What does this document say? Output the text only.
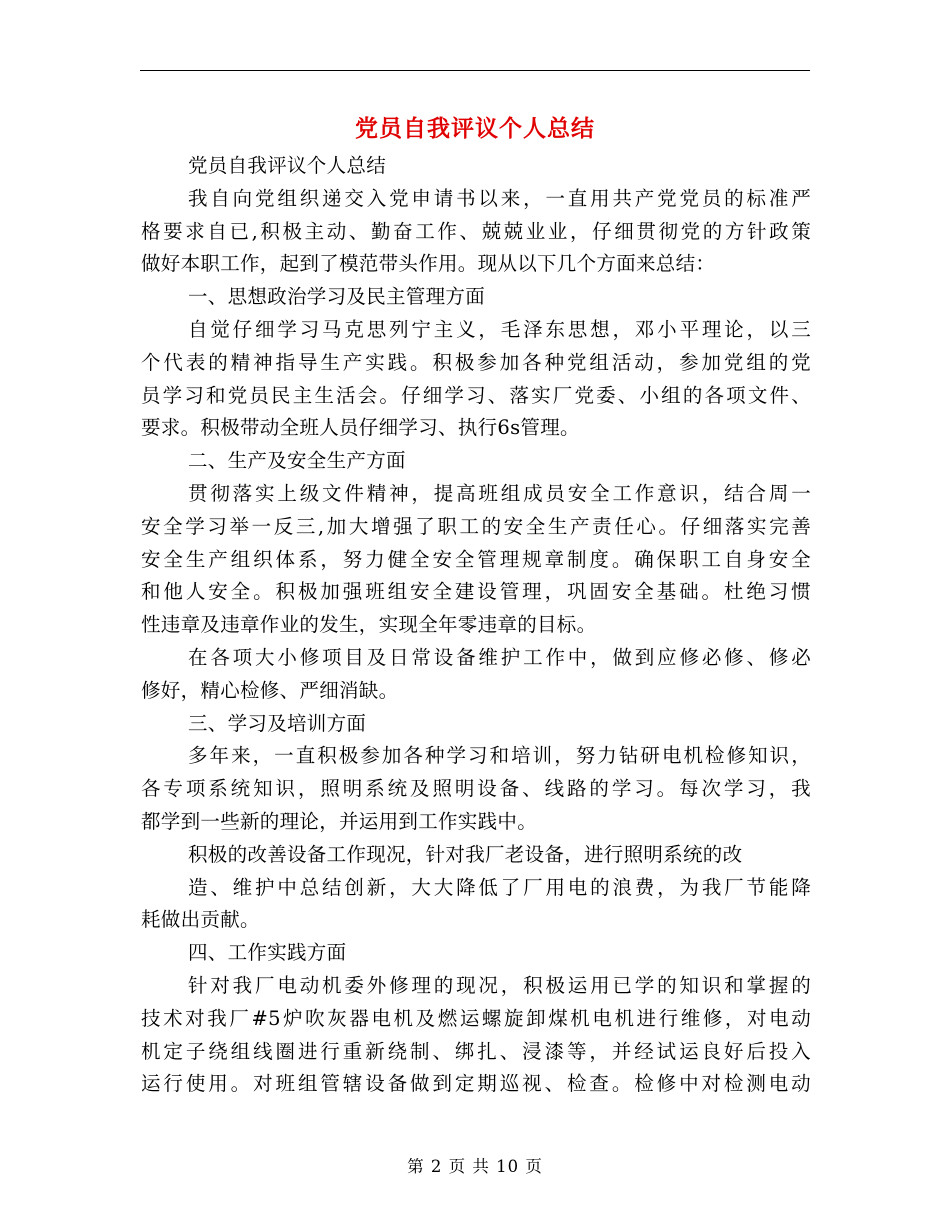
党员自我评议个人总结
党员自我评议个人总结
我自向党组织递交入党申请书以来，一直用共产党党员的标准严
格要求自已,积极主动、勤奋工作、兢兢业业，仔细贯彻党的方针政策
做好本职工作，起到了模范带头作用。现从以下几个方面来总结：
一、思想政治学习及民主管理方面
自觉仔细学习马克思列宁主义，毛泽东思想，邓小平理论，以三
个代表的精神指导生产实践。积极参加各种党组活动，参加党组的党
员学习和党员民主生活会。仔细学习、落实厂党委、小组的各项文件、
要求。积极带动全班人员仔细学习、执行6s管理。
二、生产及安全生产方面
贯彻落实上级文件精神，提高班组成员安全工作意识，结合周一
安全学习举一反三,加大增强了职工的安全生产责任心。仔细落实完善
安全生产组织体系，努力健全安全管理规章制度。确保职工自身安全
和他人安全。积极加强班组安全建设管理，巩固安全基础。杜绝习惯
性违章及违章作业的发生，实现全年零违章的目标。
在各项大小修项目及日常设备维护工作中，做到应修必修、修必
修好，精心检修、严细消缺。
三、学习及培训方面
多年来，一直积极参加各种学习和培训，努力钻研电机检修知识，
各专项系统知识，照明系统及照明设备、线路的学习。每次学习，我
都学到一些新的理论，并运用到工作实践中。
积极的改善设备工作现况，针对我厂老设备，进行照明系统的改
造、维护中总结创新，大大降低了厂用电的浪费，为我厂节能降
耗做出贡献。
四、工作实践方面
针对我厂电动机委外修理的现况，积极运用已学的知识和掌握的
技术对我厂#5炉吹灰器电机及燃运螺旋卸煤机电机进行维修，对电动
机定子绕组线圈进行重新绕制、绑扎、浸漆等，并经试运良好后投入
运行使用。对班组管辖设备做到定期巡视、检查。检修中对检测电动
第 2 页 共 10 页
